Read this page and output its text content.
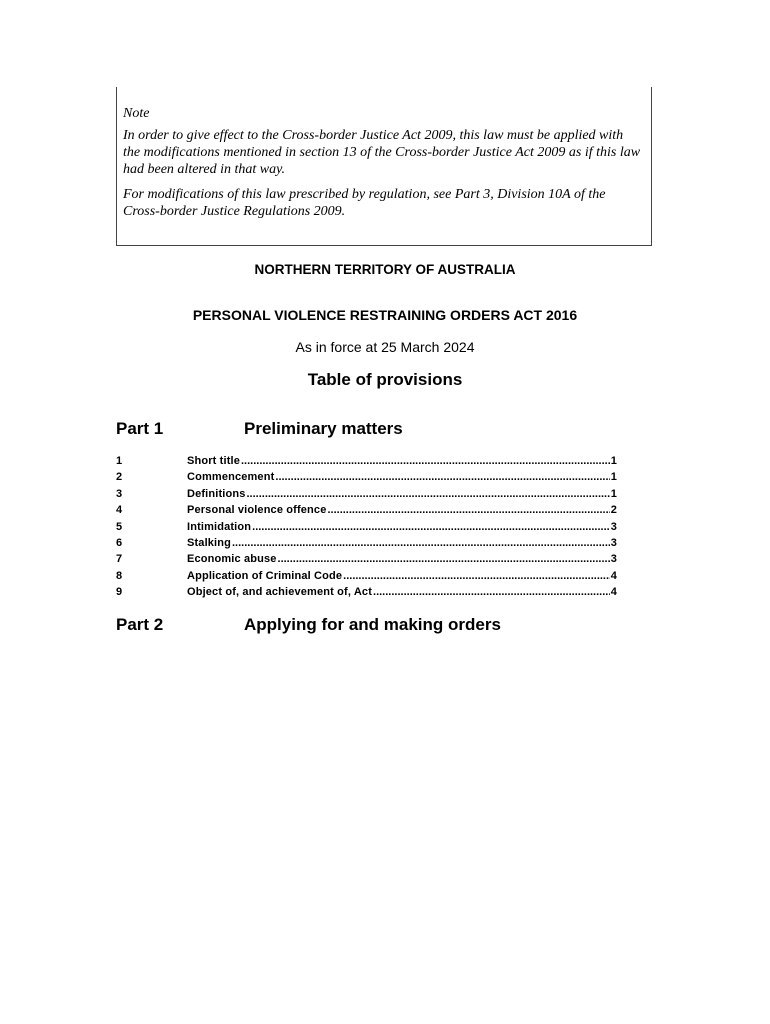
Note

In order to give effect to the Cross-border Justice Act 2009, this law must be applied with the modifications mentioned in section 13 of the Cross-border Justice Act 2009 as if this law had been altered in that way.

For modifications of this law prescribed by regulation, see Part 3, Division 10A of the Cross-border Justice Regulations 2009.

NORTHERN TERRITORY OF AUSTRALIA
PERSONAL VIOLENCE RESTRAINING ORDERS ACT 2016
As in force at 25 March 2024
Table of provisions
Part 1	Preliminary matters
1	Short title .....	1
2	Commencement .....	1
3	Definitions .....	1
4	Personal violence offence .....	2
5	Intimidation .....	3
6	Stalking .....	3
7	Economic abuse .....	3
8	Application of Criminal Code .....	4
9	Object of, and achievement of, Act .....	4
Part 2	Applying for and making orders
